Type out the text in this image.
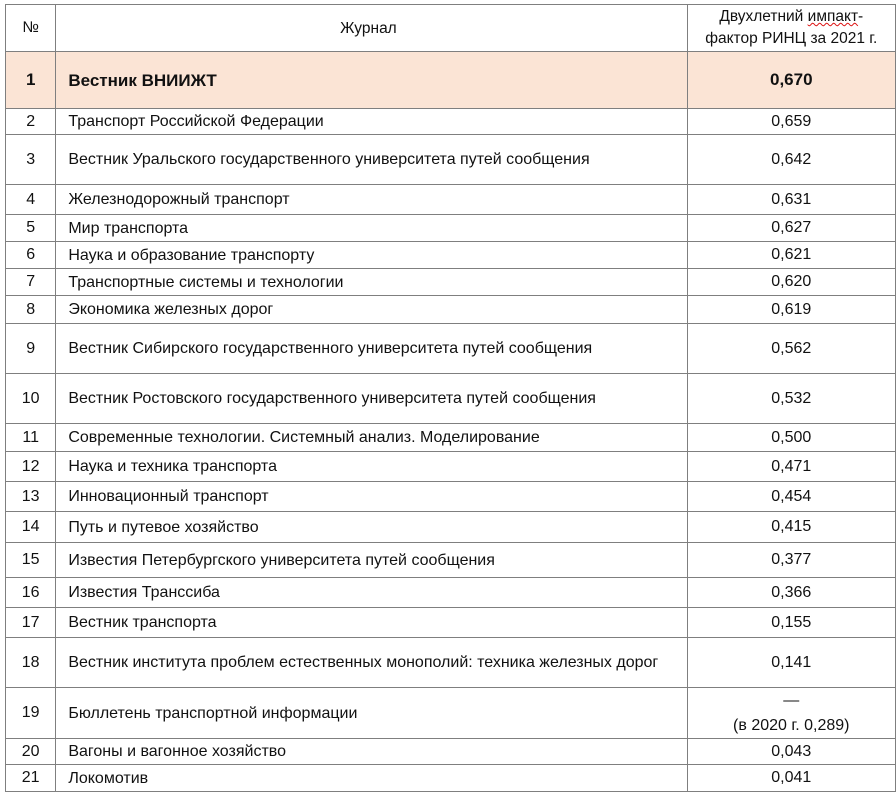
№	Журнал	Двухлетний импакт-
фактор РИНЦ за 2021 г.

1	Вестник ВНИИЖТ	0,670
2	Транспорт Российской Федерации	0,659
3	Вестник Уральского государственного университета путей сообщения	0,642
4	Железнодорожный транспорт	0,631
5	Мир транспорта	0,627
6	Наука и образование транспорту	0,621
7	Транспортные системы и технологии	0,620
8	Экономика железных дорог	0,619
9	Вестник Сибирского государственного университета путей сообщения	0,562
10	Вестник Ростовского государственного университета путей сообщения	0,532
11	Современные технологии. Системный анализ. Моделирование	0,500
12	Наука и техника транспорта	0,471
13	Инновационный транспорт	0,454
14	Путь и путевое хозяйство	0,415
15	Известия Петербургского университета путей сообщения	0,377
16	Известия Транссиба	0,366
17	Вестник транспорта	0,155
18	Вестник института проблем естественных монополий: техника железных дорог	0,141
19	Бюллетень транспортной информации	—
(в 2020 г. 0,289)

20	Вагоны и вагонное хозяйство	0,043
21	Локомотив	0,041
